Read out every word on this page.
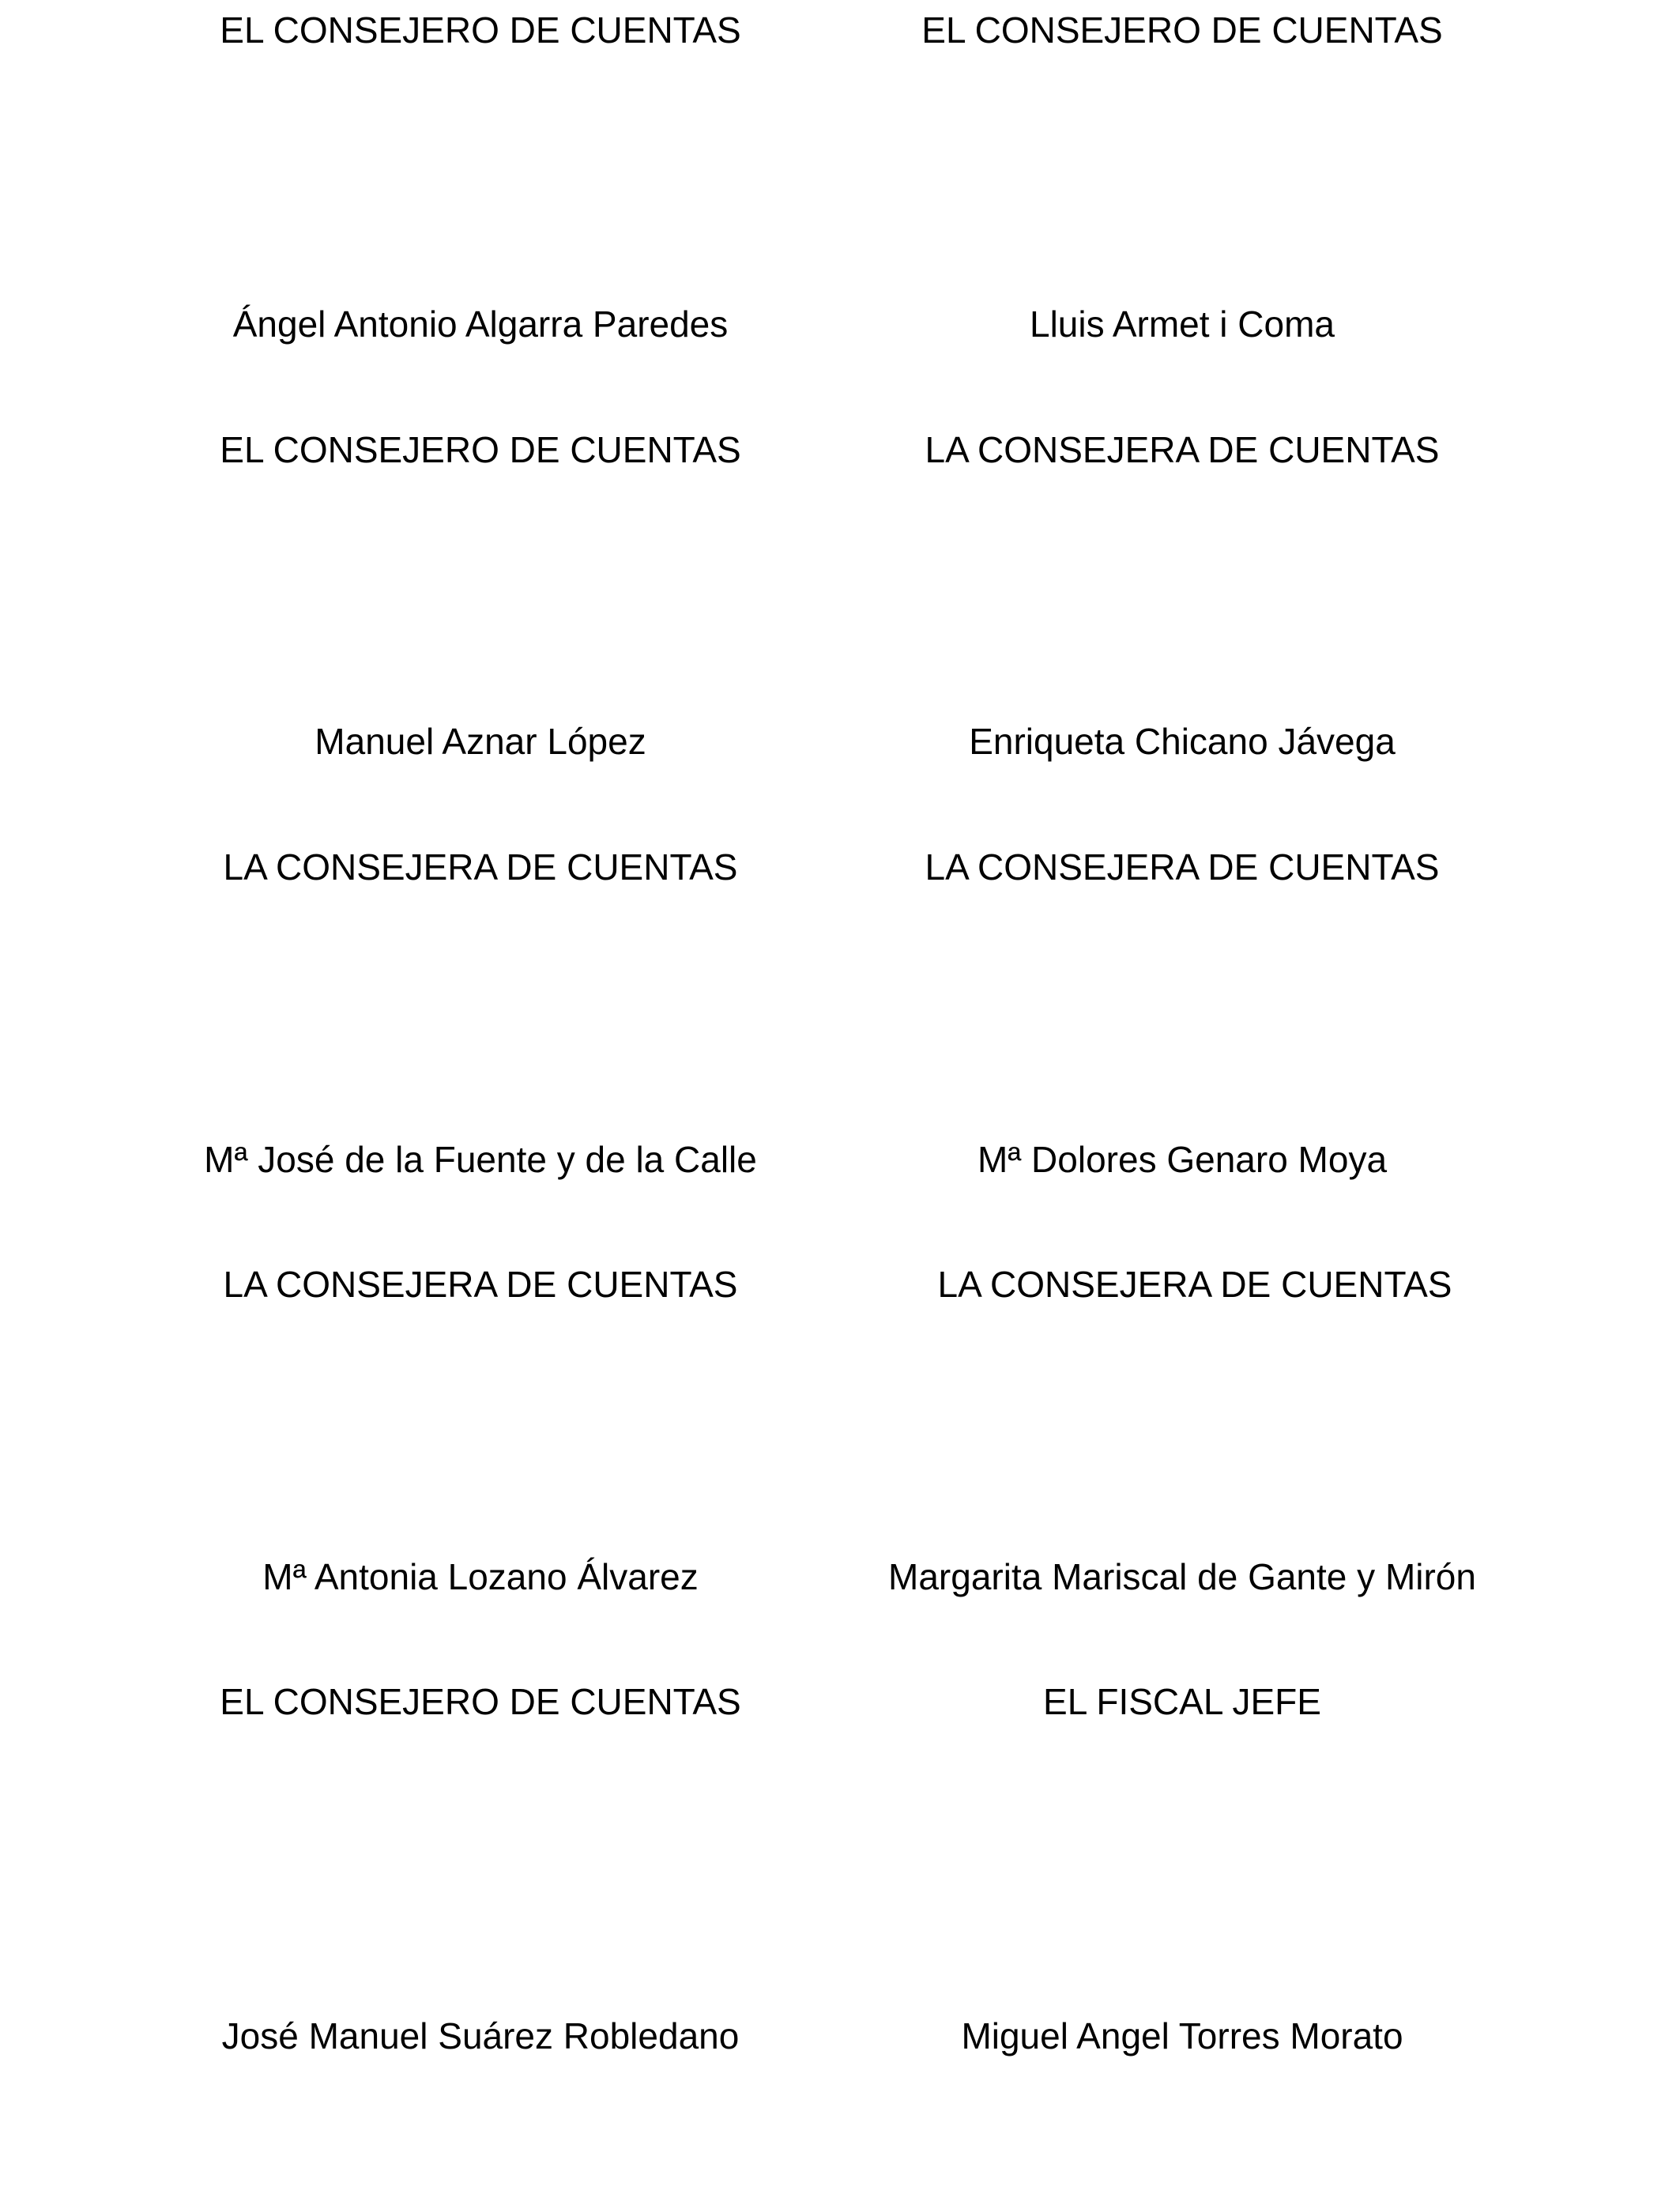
EL CONSEJERO DE CUENTAS	EL CONSEJERO DE CUENTAS
Ángel Antonio Algarra Paredes	Lluis Armet i Coma
EL CONSEJERO DE CUENTAS	LA CONSEJERA DE CUENTAS
Manuel Aznar López	Enriqueta Chicano Jávega
LA CONSEJERA DE CUENTAS	LA CONSEJERA DE CUENTAS
Mª José de la Fuente y de la Calle	Mª Dolores Genaro Moya
LA CONSEJERA DE CUENTAS	LA CONSEJERA DE CUENTAS
Mª Antonia Lozano Álvarez	Margarita Mariscal de Gante y Mirón
EL CONSEJERO DE CUENTAS	EL FISCAL JEFE
José Manuel Suárez Robledano	Miguel Angel Torres Morato
